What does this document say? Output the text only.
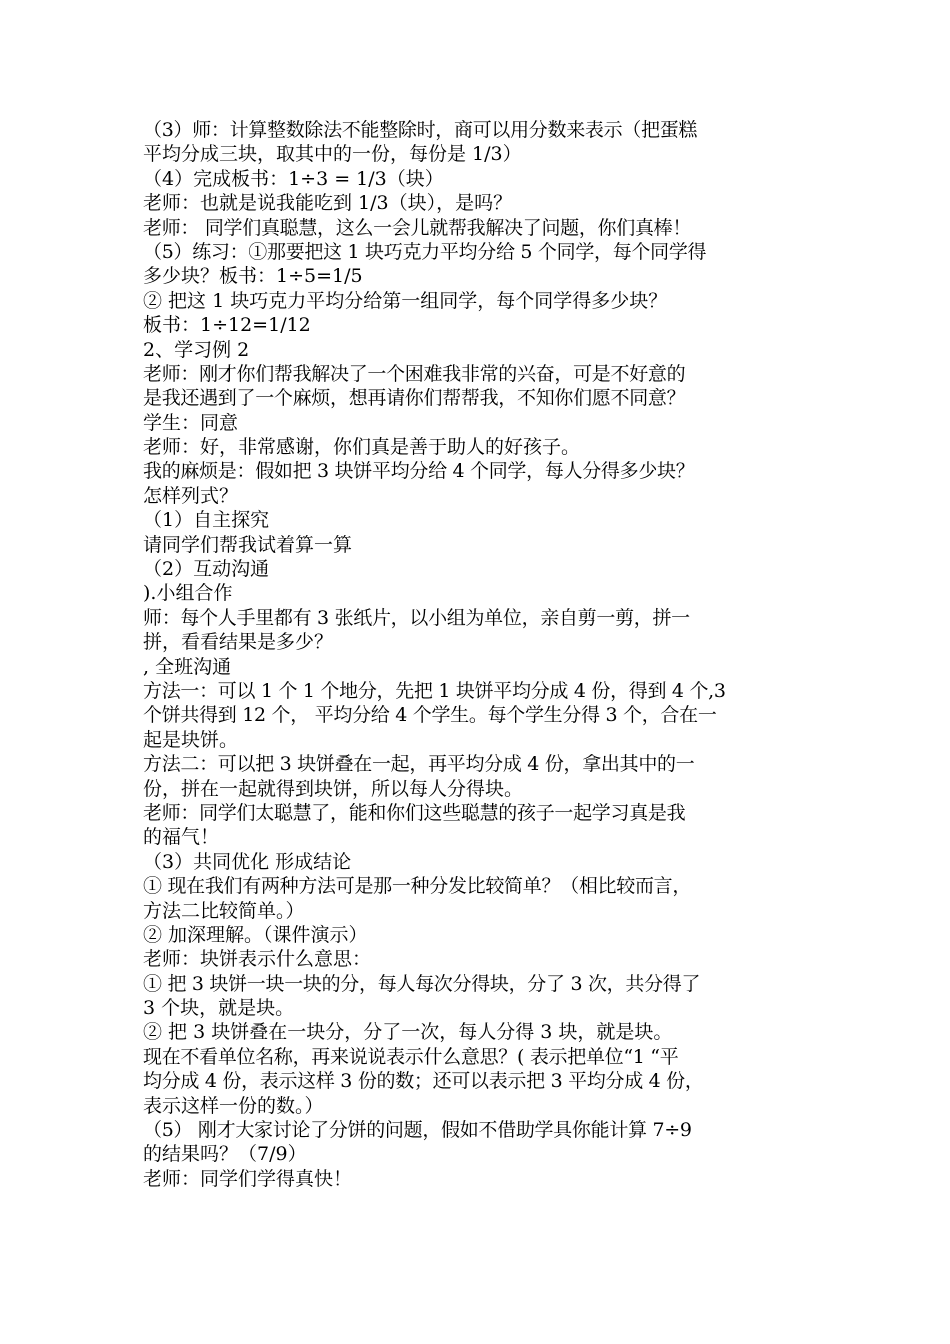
（3）师：计算整数除法不能整除时，商可以用分数来表示（把蛋糕
平均分成三块，取其中的一份，每份是 1/3）
（4）完成板书：1÷3 = 1/3（块）
老师：也就是说我能吃到 1/3（块），是吗？
老师： 同学们真聪慧，这么一会儿就帮我解决了问题，你们真棒！
（5）练习：①那要把这 1 块巧克力平均分给 5 个同学，每个同学得
多少块？板书：1÷5=1/5
② 把这 1 块巧克力平均分给第一组同学，每个同学得多少块？
板书：1÷12=1/12
2、学习例 2
老师：刚才你们帮我解决了一个困难我非常的兴奋，可是不好意的
是我还遇到了一个麻烦，想再请你们帮帮我，不知你们愿不同意？
学生：同意
老师：好，非常感谢，你们真是善于助人的好孩子。
我的麻烦是：假如把 3 块饼平均分给 4 个同学，每人分得多少块？
怎样列式？
（1）自主探究
请同学们帮我试着算一算
（2）互动沟通
).小组合作
师：每个人手里都有 3 张纸片，以小组为单位，亲自剪一剪，拼一
拼，看看结果是多少？
, 全班沟通
方法一：可以 1 个 1 个地分，先把 1 块饼平均分成 4 份，得到 4 个,3
个饼共得到 12 个， 平均分给 4 个学生。每个学生分得 3 个，合在一
起是块饼。
方法二：可以把 3 块饼叠在一起，再平均分成 4 份，拿出其中的一
份，拼在一起就得到块饼，所以每人分得块。
老师：同学们太聪慧了，能和你们这些聪慧的孩子一起学习真是我
的福气！
（3）共同优化 形成结论
① 现在我们有两种方法可是那一种分发比较简单？（相比较而言，
方法二比较简单。）
② 加深理解。（课件演示）
老师：块饼表示什么意思：
① 把 3 块饼一块一块的分，每人每次分得块，分了 3 次，共分得了
3 个块，就是块。
② 把 3 块饼叠在一块分，分了一次，每人分得 3 块，就是块。
现在不看单位名称，再来说说表示什么意思？( 表示把单位“1 “平
均分成 4 份，表示这样 3 份的数；还可以表示把 3 平均分成 4 份，
表示这样一份的数。）
（5） 刚才大家讨论了分饼的问题，假如不借助学具你能计算 7÷9
的结果吗？（7/9）
老师：同学们学得真快！
